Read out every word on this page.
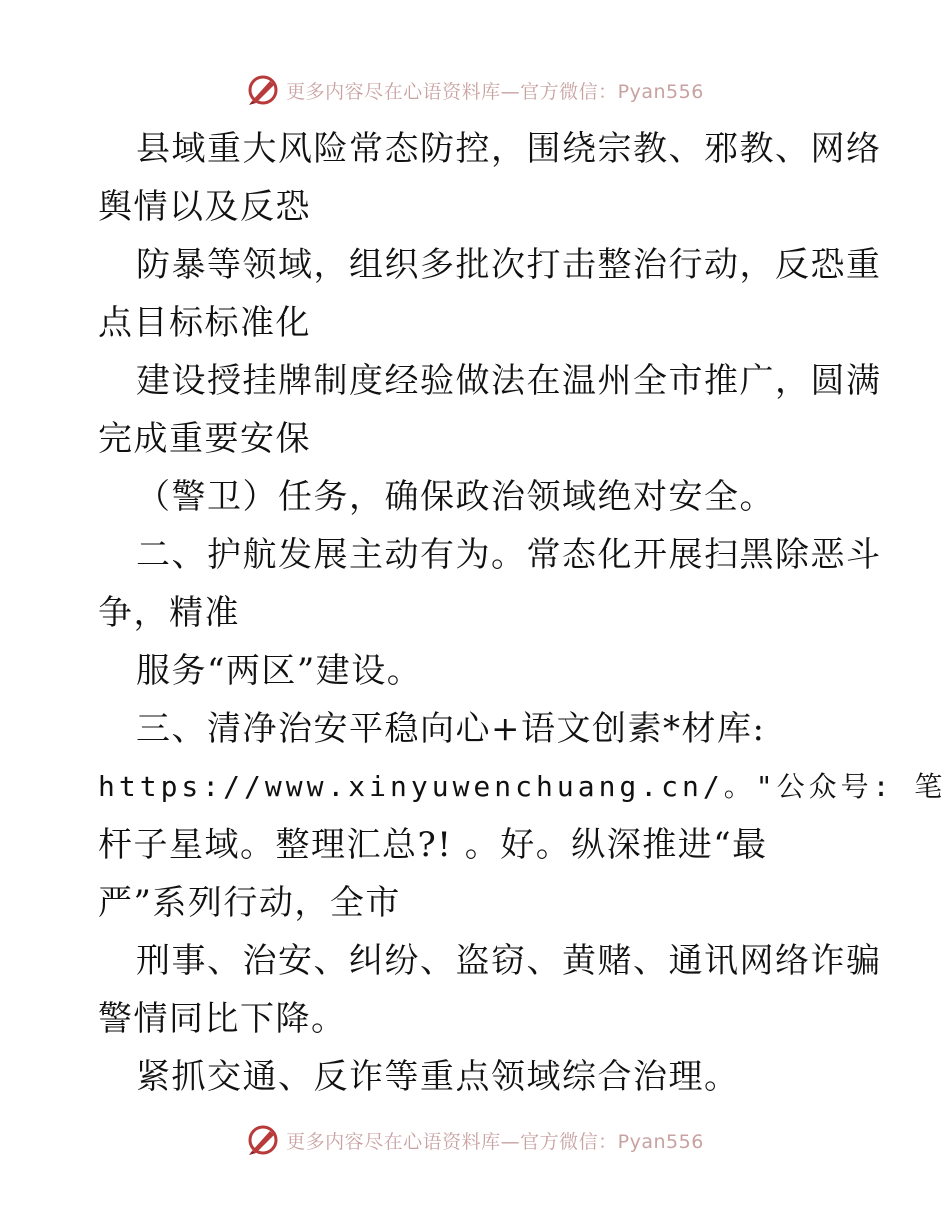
更多内容尽在心语资料库—官方微信：Pyan556
县域重大风险常态防控，围绕宗教、邪教、网络
舆情以及反恐
防暴等领域，组织多批次打击整治行动，反恐重
点目标标准化
建设授挂牌制度经验做法在温州全市推广，圆满
完成重要安保
（警卫）任务，确保政治领域绝对安全。
二、护航发展主动有为。常态化开展扫黑除恶斗
争，精准
服务“两区”建设。
三、清净治安平稳向心+语文创素*材库:
https://www.xinyuwenchuang.cn/。"公众号: 笔
杆子星域。整理汇总?! 。好。纵深推进“最
严”系列行动，全市
刑事、治安、纠纷、盗窃、黄赌、通讯网络诈骗
警情同比下降。
紧抓交通、反诈等重点领域综合治理。
更多内容尽在心语资料库—官方微信：Pyan556
